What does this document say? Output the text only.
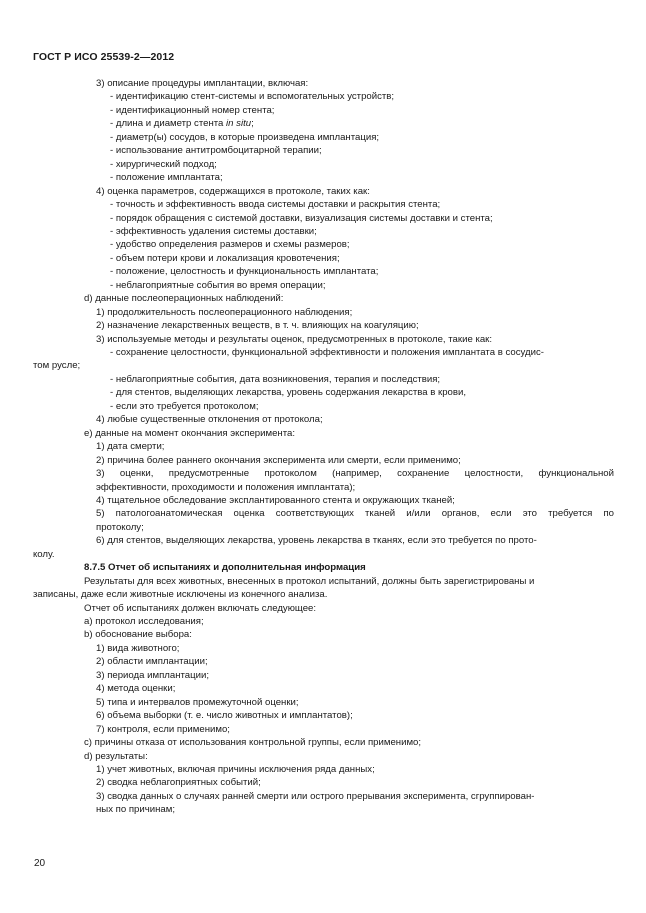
ГОСТ Р ИСО 25539-2—2012
3) описание процедуры имплантации, включая:
- идентификацию стент-системы и вспомогательных устройств;
- идентификационный номер стента;
- длина и диаметр стента in situ;
- диаметр(ы) сосудов, в которые произведена имплантация;
- использование антитромбоцитарной терапии;
- хирургический подход;
- положение имплантата;
4) оценка параметров, содержащихся в протоколе, таких как:
- точность и эффективность ввода системы доставки и раскрытия стента;
- порядок обращения с системой доставки, визуализация системы доставки и стента;
- эффективность удаления системы доставки;
- удобство определения размеров и схемы размеров;
- объем потери крови и локализация кровотечения;
- положение, целостность и функциональность имплантата;
- неблагоприятные события во время операции;
d) данные послеоперационных наблюдений:
1) продолжительность послеоперационного наблюдения;
2) назначение лекарственных веществ, в т. ч. влияющих на коагуляцию;
3) используемые методы и результаты оценок, предусмотренных в протоколе, такие как:
- сохранение целостности, функциональной эффективности и положения имплантата в сосудис-
том русле;
- неблагоприятные события, дата возникновения, терапия и последствия;
- для стентов, выделяющих лекарства, уровень содержания лекарства в крови,
- если это требуется протоколом;
4) любые существенные отклонения от протокола;
e) данные на момент окончания эксперимента:
1) дата смерти;
2) причина более раннего окончания эксперимента или смерти, если применимо;
3) оценки, предусмотренные протоколом (например, сохранение целостности, функциональной
эффективности, проходимости и положения имплантата);
4) тщательное обследование эксплантированного стента и окружающих тканей;
5) патологоанатомическая оценка соответствующих тканей и/или органов, если это требуется по
протоколу;
6) для стентов, выделяющих лекарства, уровень лекарства в тканях, если это требуется по прото-
колу.
8.7.5 Отчет об испытаниях и дополнительная информация
Результаты для всех животных, внесенных в протокол испытаний, должны быть зарегистрированы и
записаны, даже если животные исключены из конечного анализа.
Отчет об испытаниях должен включать следующее:
a) протокол исследования;
b) обоснование выбора:
1) вида животного;
2) области имплантации;
3) периода имплантации;
4) метода оценки;
5) типа и интервалов промежуточной оценки;
6) объема выборки (т. е. число животных и имплантатов);
7) контроля, если применимо;
c) причины отказа от использования контрольной группы, если применимо;
d) результаты:
1) учет животных, включая причины исключения ряда данных;
2) сводка неблагоприятных событий;
3) сводка данных о случаях ранней смерти или острого прерывания эксперимента, сгруппирован-
ных по причинам;
20
